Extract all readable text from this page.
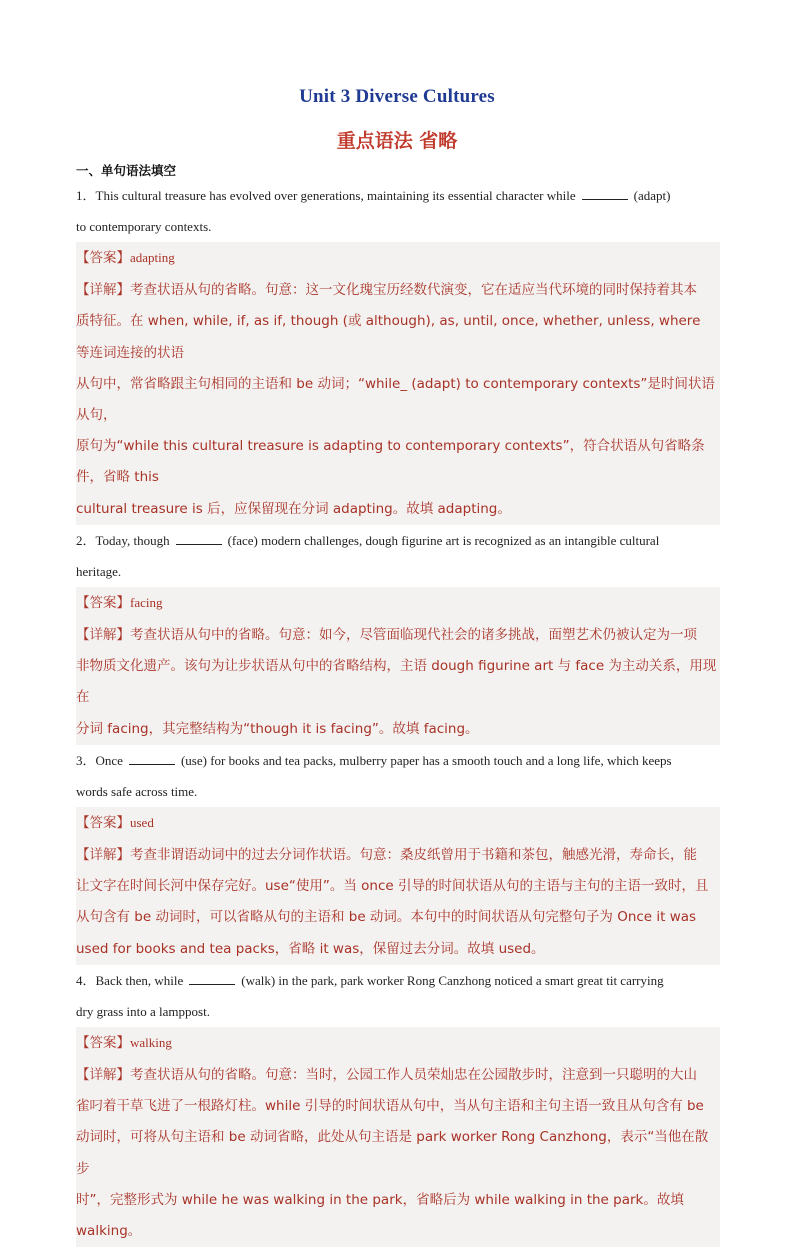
Unit 3 Diverse Cultures
重点语法 省略
一、单句语法填空
1．This cultural treasure has evolved over generations, maintaining its essential character while	(adapt)
to contemporary contexts.
【答案】adapting
【详解】考查状语从句的省略。句意：这一文化瑰宝历经数代演变，它在适应当代环境的同时保持着其本
质特征。在 when, while, if, as if, though (或 although), as, until, once, whether, unless, where 等连词连接的状语
从句中，常省略跟主句相同的主语和 be 动词；“while_ (adapt) to contemporary contexts”是时间状语从句，
原句为“while this cultural treasure is adapting to contemporary contexts”，符合状语从句省略条件，省略 this
cultural treasure is 后，应保留现在分词 adapting。故填 adapting。
2．Today, though	(face) modern challenges, dough figurine art is recognized as an intangible cultural
heritage.
【答案】facing
【详解】考查状语从句中的省略。句意：如今，尽管面临现代社会的诸多挑战，面塑艺术仍被认定为一项
非物质文化遗产。该句为让步状语从句中的省略结构，主语 dough figurine art 与 face 为主动关系，用现在
分词 facing，其完整结构为“though it is facing”。故填 facing。
3．Once	(use) for books and tea packs, mulberry paper has a smooth touch and a long life, which keeps
words safe across time.
【答案】used
【详解】考查非谓语动词中的过去分词作状语。句意：桑皮纸曾用于书籍和茶包，触感光滑，寿命长，能
让文字在时间长河中保存完好。use“使用”。当 once 引导的时间状语从句的主语与主句的主语一致时，且
从句含有 be 动词时，可以省略从句的主语和 be 动词。本句中的时间状语从句完整句子为 Once it was
used for books and tea packs，省略 it was，保留过去分词。故填 used。
4．Back then, while	(walk) in the park, park worker Rong Canzhong noticed a smart great tit carrying
dry grass into a lamppost.
【答案】walking
【详解】考查状语从句的省略。句意：当时，公园工作人员荣灿忠在公园散步时，注意到一只聪明的大山
雀叼着干草飞进了一根路灯柱。while 引导的时间状语从句中，当从句主语和主句主语一致且从句含有 be
动词时，可将从句主语和 be 动词省略，此处从句主语是 park worker Rong Canzhong，表示“当他在散步
时”，完整形式为 while he was walking in the park，省略后为 while walking in the park。故填 walking。
